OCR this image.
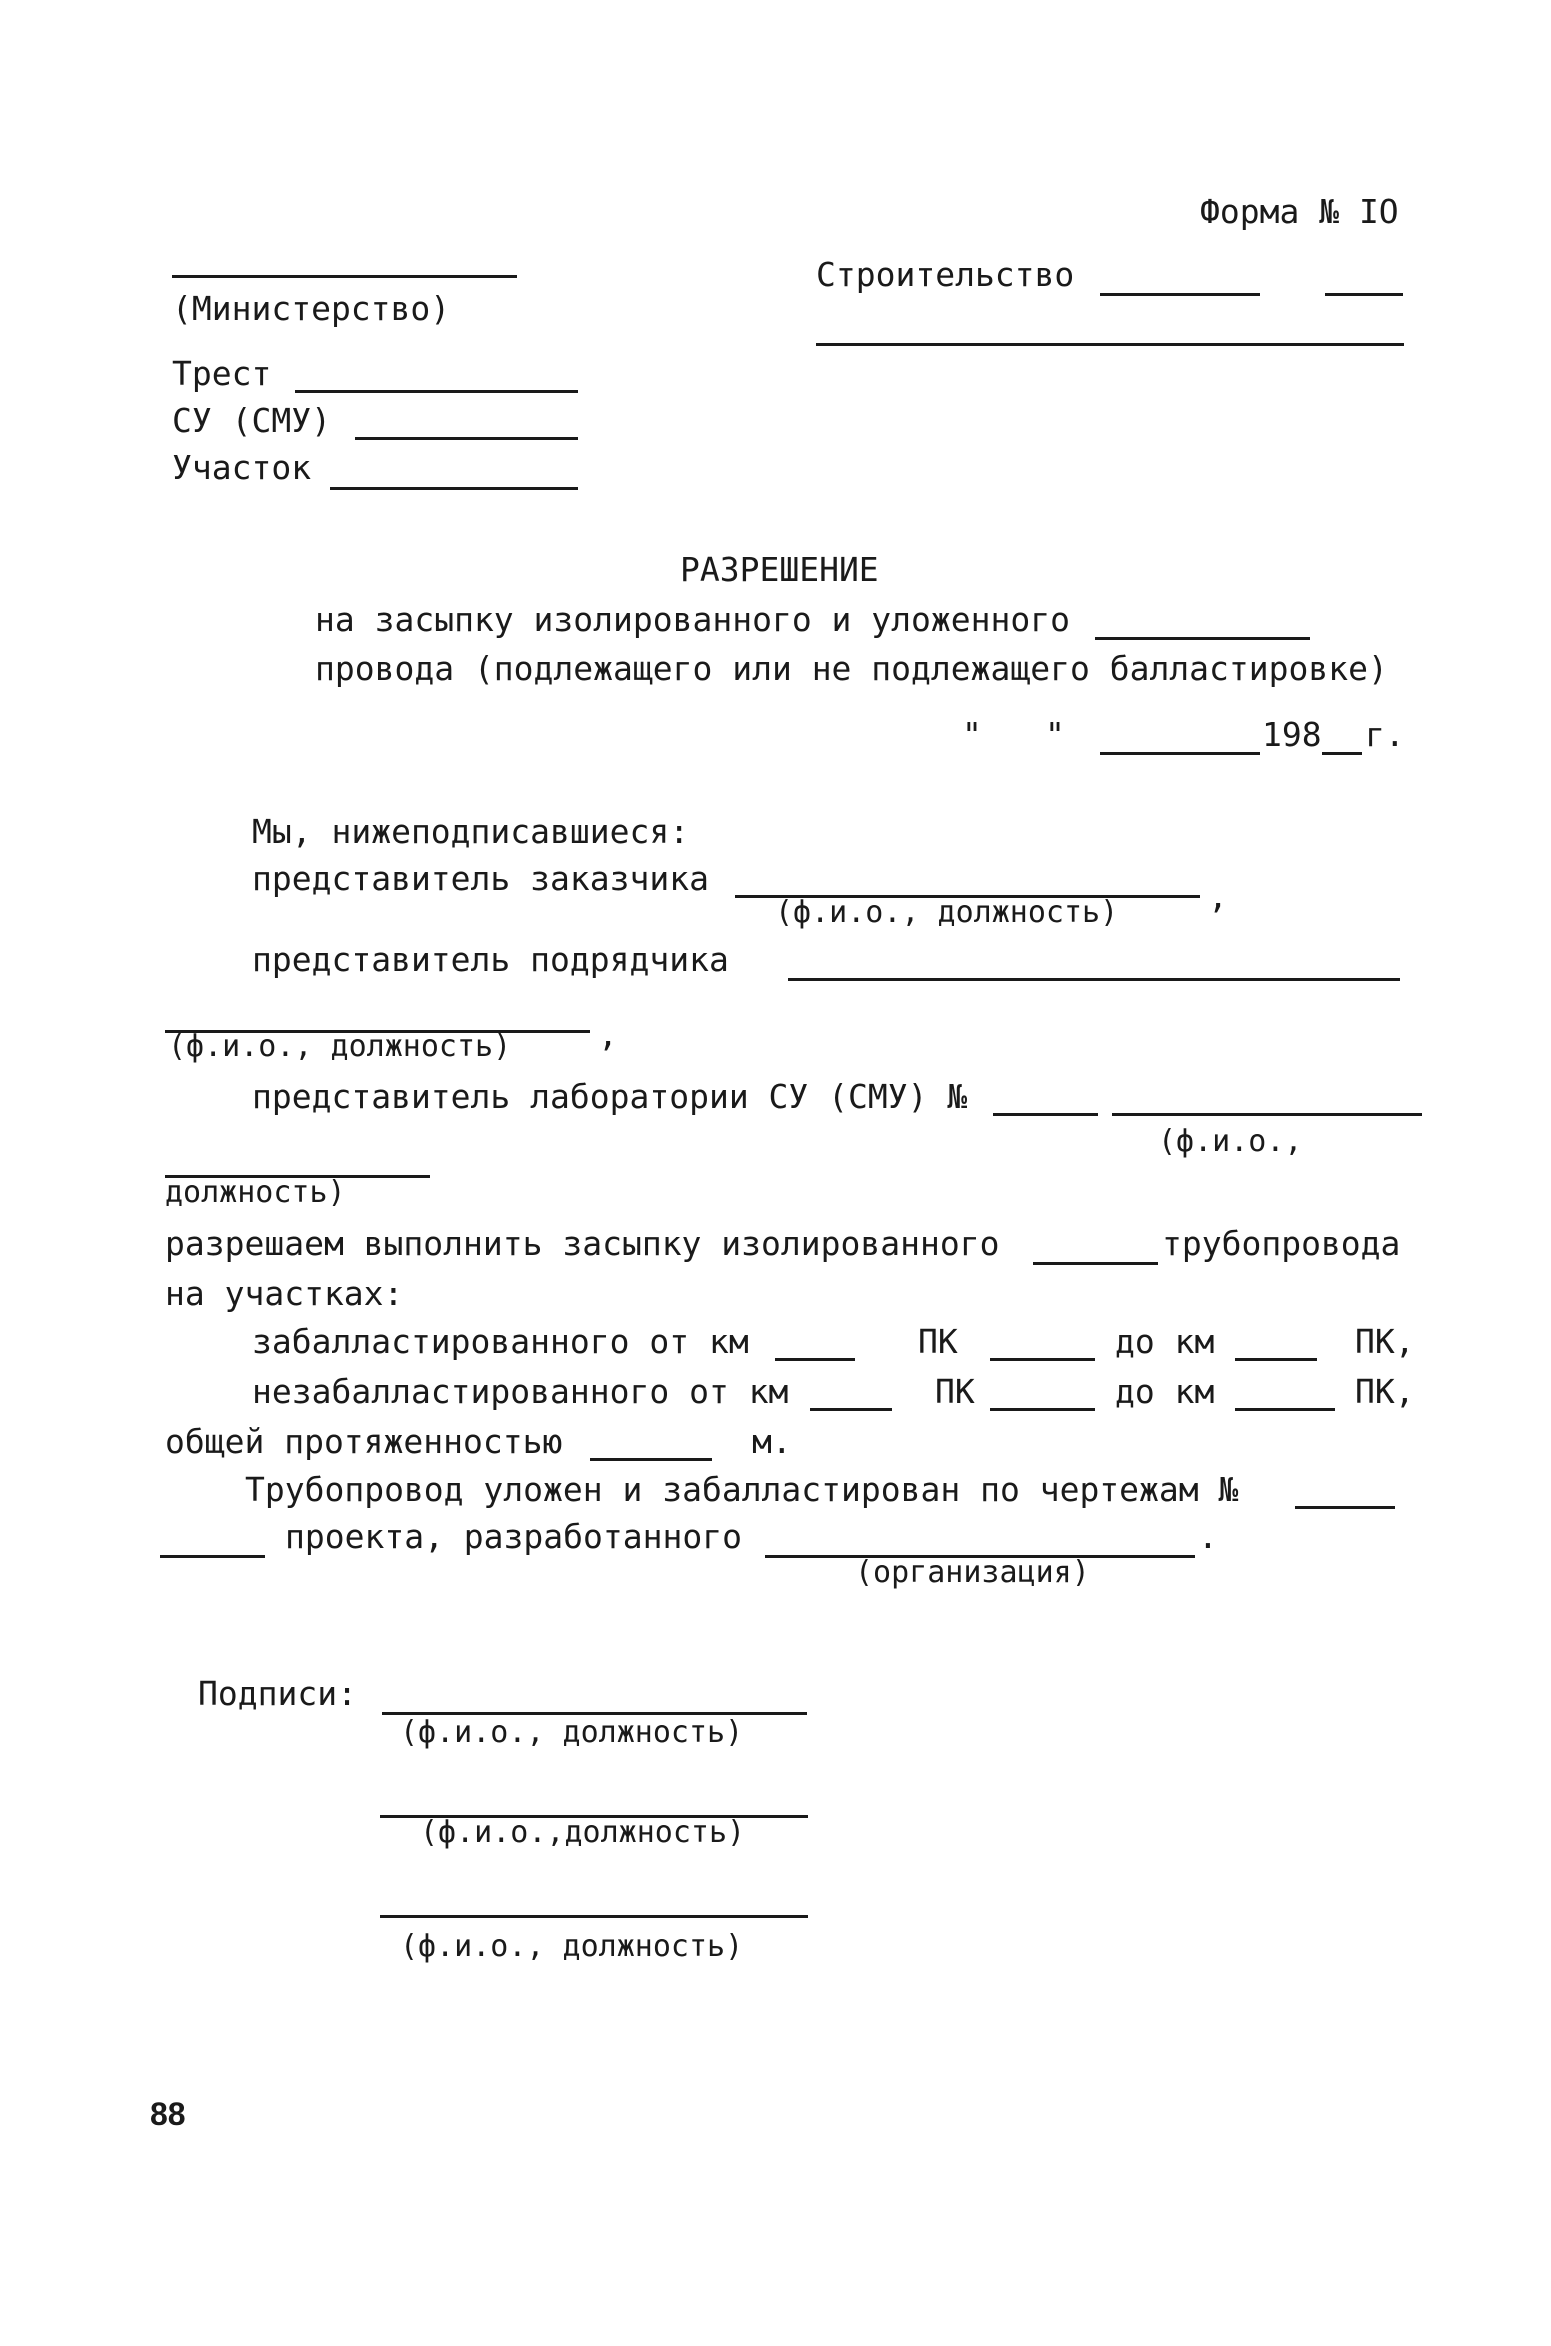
Форма № IO
(Министерство)
Строительство
Трест
СУ (СМУ)
Участок
РАЗРЕШЕНИЕ
на засыпку изолированного и уложенного
провода (подлежащего или не подлежащего балластировке)
" "	198 г.
Мы, нижеподписавшиеся:
представитель заказчика
(ф.и.о., должность)	,
представитель подрядчика
(ф.и.о., должность)	,
представитель лаборатории СУ (СМУ) №
(ф.и.о.,
должность)
разрешаем выполнить засыпку изолированного	трубопровода
на участках:
забалластированного от км	ПК	до км	ПК,
незабалластированного от км	ПК	до км	ПК,
общей протяженностью	м.
Трубопровод уложен и забалластирован по чертежам №
проекта, разработанного
(организация)
.
Подписи:
(ф.и.о., должность)
(ф.и.о.,должность)
(ф.и.о., должность)
88
